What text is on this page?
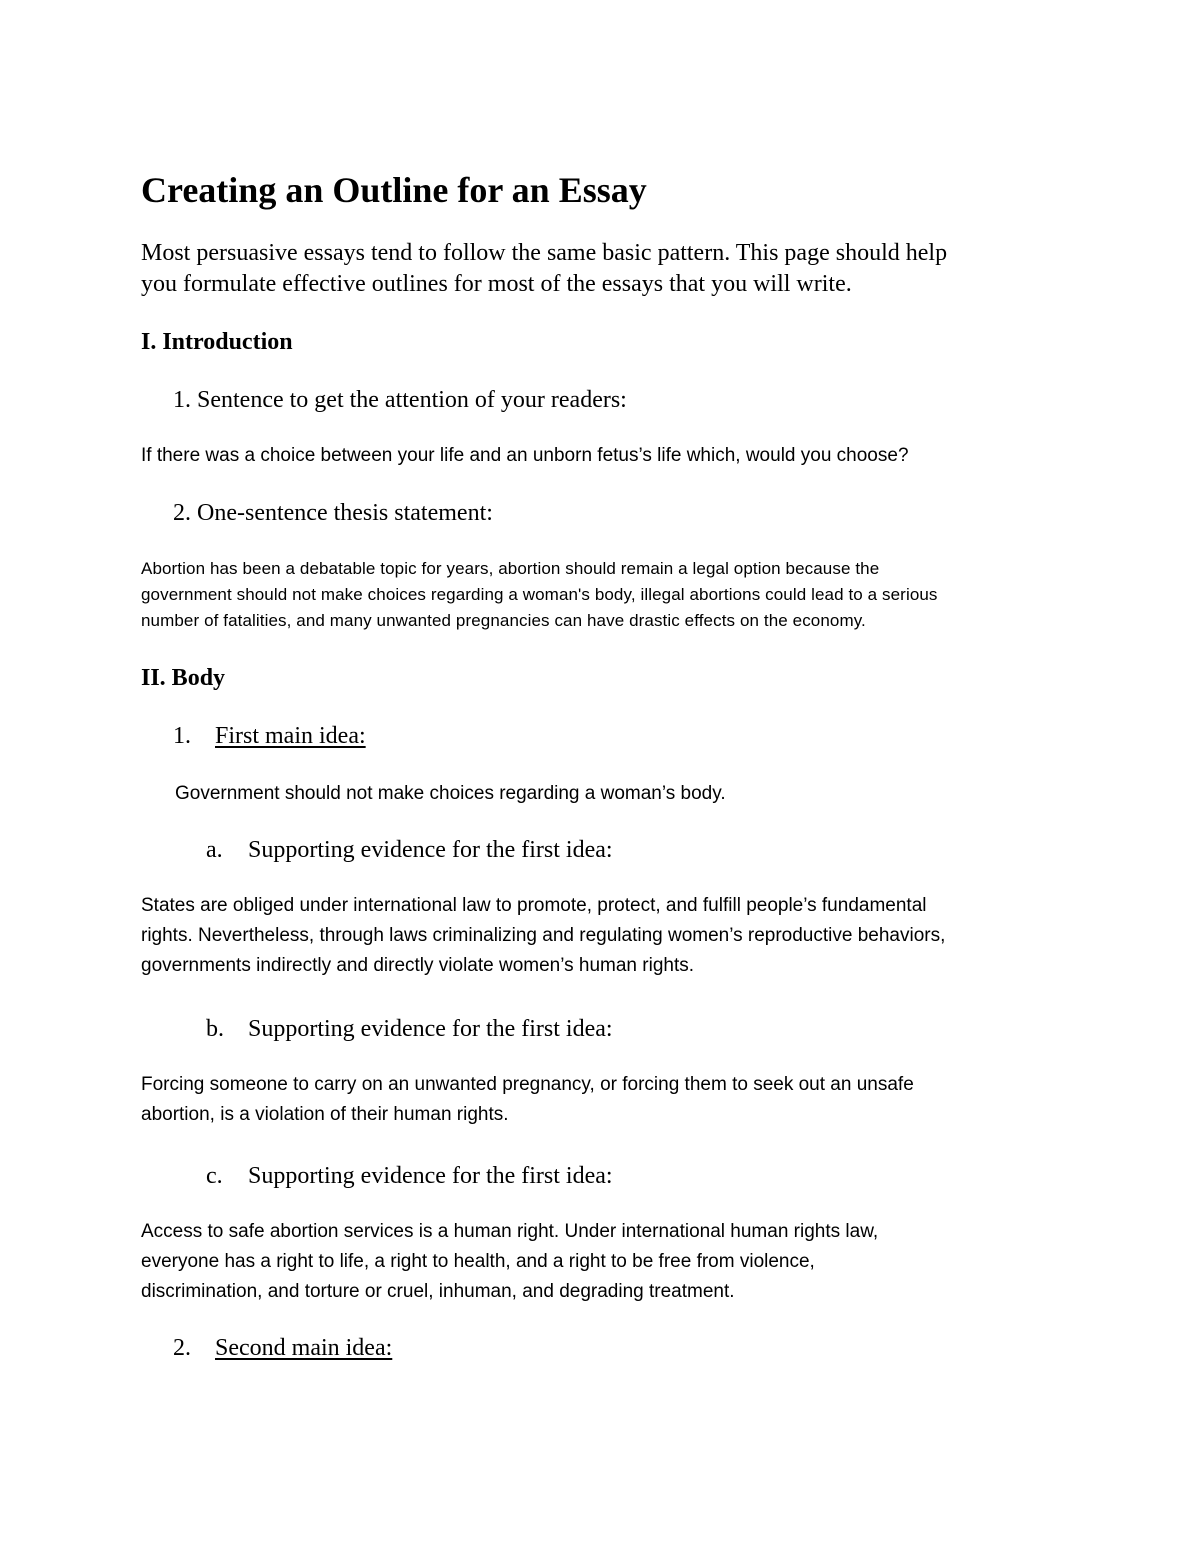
Creating an Outline for an Essay
Most persuasive essays tend to follow the same basic pattern. This page should help
you formulate effective outlines for most of the essays that you will write.
I. Introduction
1. Sentence to get the attention of your readers:
If there was a choice between your life and an unborn fetus’s life which, would you choose?
2. One-sentence thesis statement:
Abortion has been a debatable topic for years, abortion should remain a legal option because the
government should not make choices regarding a woman's body, illegal abortions could lead to a serious
number of fatalities, and many unwanted pregnancies can have drastic effects on the economy.
II. Body
1. First main idea:
Government should not make choices regarding a woman’s body.
a. Supporting evidence for the first idea:
States are obliged under international law to promote, protect, and fulfill people’s fundamental
rights. Nevertheless, through laws criminalizing and regulating women’s reproductive behaviors,
governments indirectly and directly violate women’s human rights.
b. Supporting evidence for the first idea:
Forcing someone to carry on an unwanted pregnancy, or forcing them to seek out an unsafe
abortion, is a violation of their human rights.
c. Supporting evidence for the first idea:
Access to safe abortion services is a human right. Under international human rights law,
everyone has a right to life, a right to health, and a right to be free from violence,
discrimination, and torture or cruel, inhuman, and degrading treatment.
2. Second main idea:
